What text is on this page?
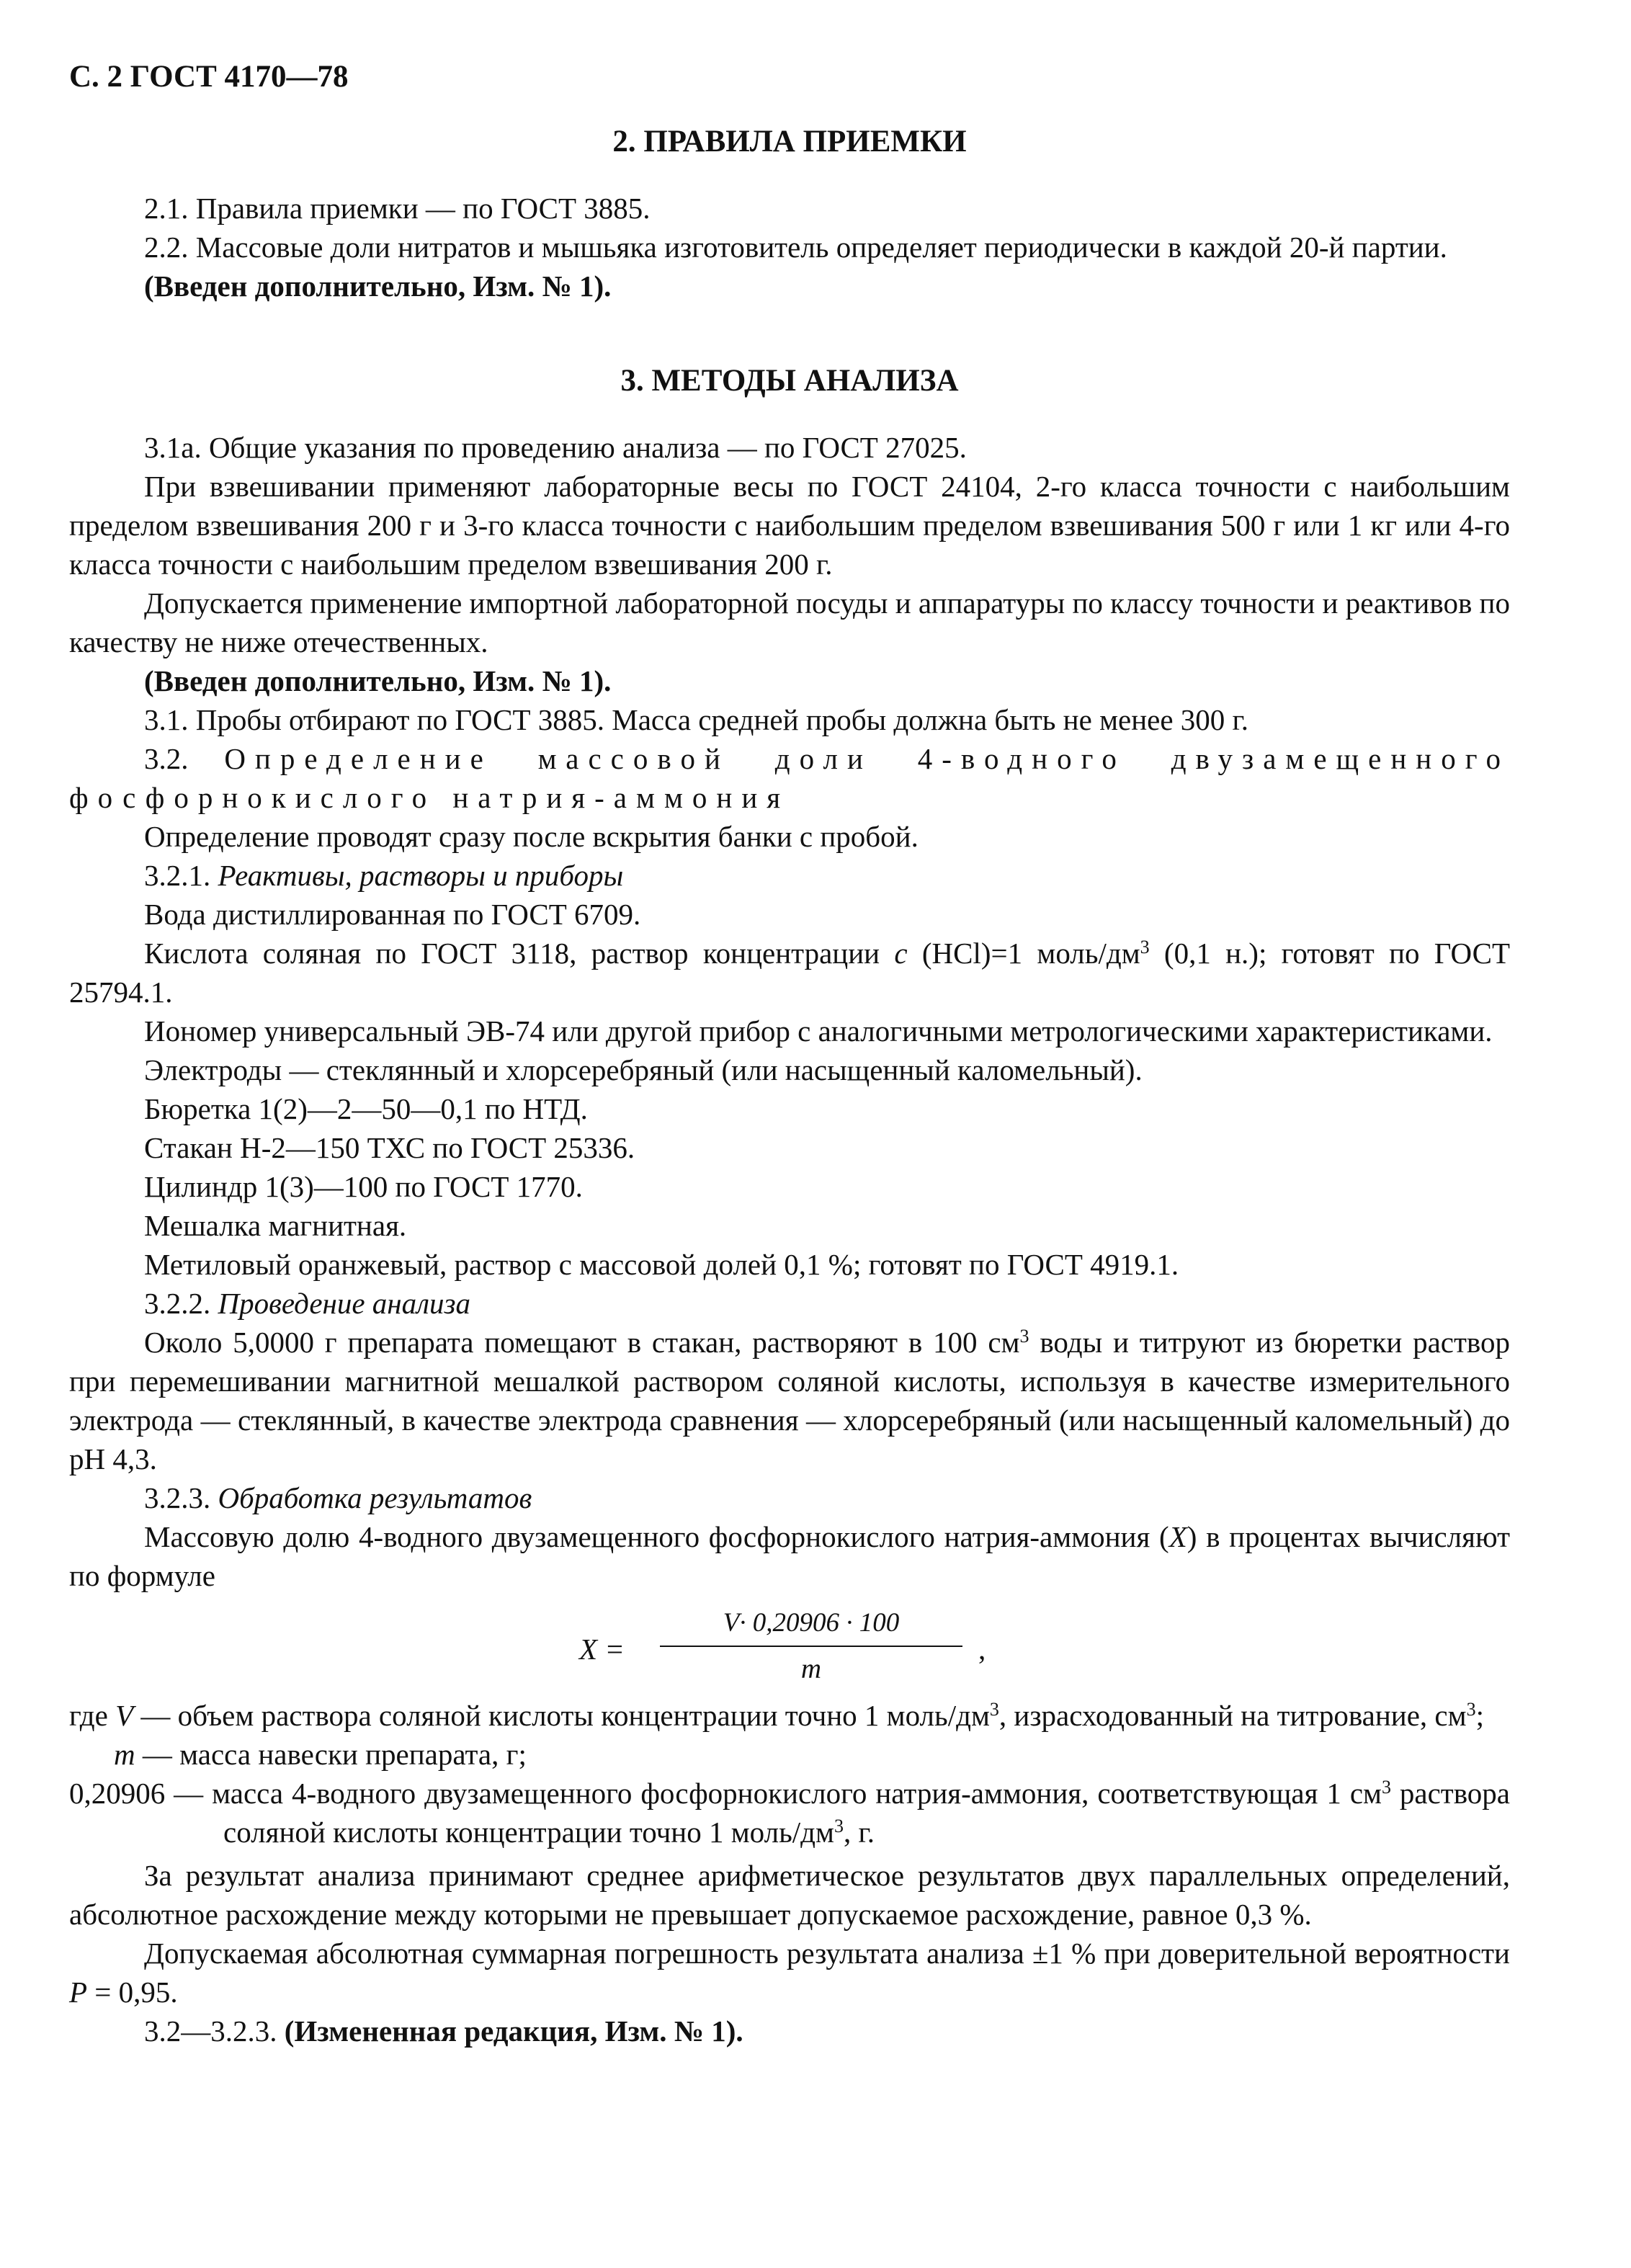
С. 2 ГОСТ 4170—78
2. ПРАВИЛА ПРИЕМКИ
2.1. Правила приемки — по ГОСТ 3885.
2.2. Массовые доли нитратов и мышьяка изготовитель определяет периодически в каждой 20-й партии.
(Введен дополнительно, Изм. № 1).
3. МЕТОДЫ АНАЛИЗА
3.1а. Общие указания по проведению анализа — по ГОСТ 27025.
При взвешивании применяют лабораторные весы по ГОСТ 24104, 2-го класса точности с наибольшим пределом взвешивания 200 г и 3-го класса точности с наибольшим пределом взвешивания 500 г или 1 кг или 4-го класса точности с наибольшим пределом взвешивания 200 г.
Допускается применение импортной лабораторной посуды и аппаратуры по классу точности и реактивов по качеству не ниже отечественных.
(Введен дополнительно, Изм. № 1).
3.1. Пробы отбирают по ГОСТ 3885. Масса средней пробы должна быть не менее 300 г.
3.2. Определение массовой доли 4-водного двузамещенного фосфорнокислого натрия-аммония
Определение проводят сразу после вскрытия банки с пробой.
3.2.1. Реактивы, растворы и приборы
Вода дистиллированная по ГОСТ 6709.
Кислота соляная по ГОСТ 3118, раствор концентрации с (HCl)=1 моль/$дм^3$ (0,1 н.); готовят по ГОСТ 25794.1.
Иономер универсальный ЭВ-74 или другой прибор с аналогичными метрологическими характеристиками.
Электроды — стеклянный и хлорсеребряный (или насыщенный каломельный).
Бюретка 1(2)—2—50—0,1 по НТД.
Стакан Н-2—150 ТХС по ГОСТ 25336.
Цилиндр 1(3)—100 по ГОСТ 1770.
Мешалка магнитная.
Метиловый оранжевый, раствор с массовой долей 0,1 %; готовят по ГОСТ 4919.1.
3.2.2. Проведение анализа
Около 5,0000 г препарата помещают в стакан, растворяют в 100 $см^3$ воды и титруют из бюретки раствор при перемешивании магнитной мешалкой раствором соляной кислоты, используя в качестве измерительного электрода — стеклянный, в качестве электрода сравнения — хлорсеребряный (или насыщенный каломельный) до рН 4,3.
3.2.3. Обработка результатов
Массовую долю 4-водного двузамещенного фосфорнокислого натрия-аммония (X) в процентах вычисляют по формуле
X =
V· 0,20906 · 100
m
,
где V — объем раствора соляной кислоты концентрации точно 1 моль/$дм^3$, израсходованный на титрование, $см^3$;
m — масса навески препарата, г;
0,20906 — масса 4-водного двузамещенного фосфорнокислого натрия-аммония, соответствующая 1 $см^3$ раствора соляной кислоты концентрации точно 1 моль/$дм^3$, г.
За результат анализа принимают среднее арифметическое результатов двух параллельных определений, абсолютное расхождение между которыми не превышает допускаемое расхождение, равное 0,3 %.
Допускаемая абсолютная суммарная погрешность результата анализа ±1 % при доверительной вероятности Р = 0,95.
3.2—3.2.3. (Измененная редакция, Изм. № 1).
